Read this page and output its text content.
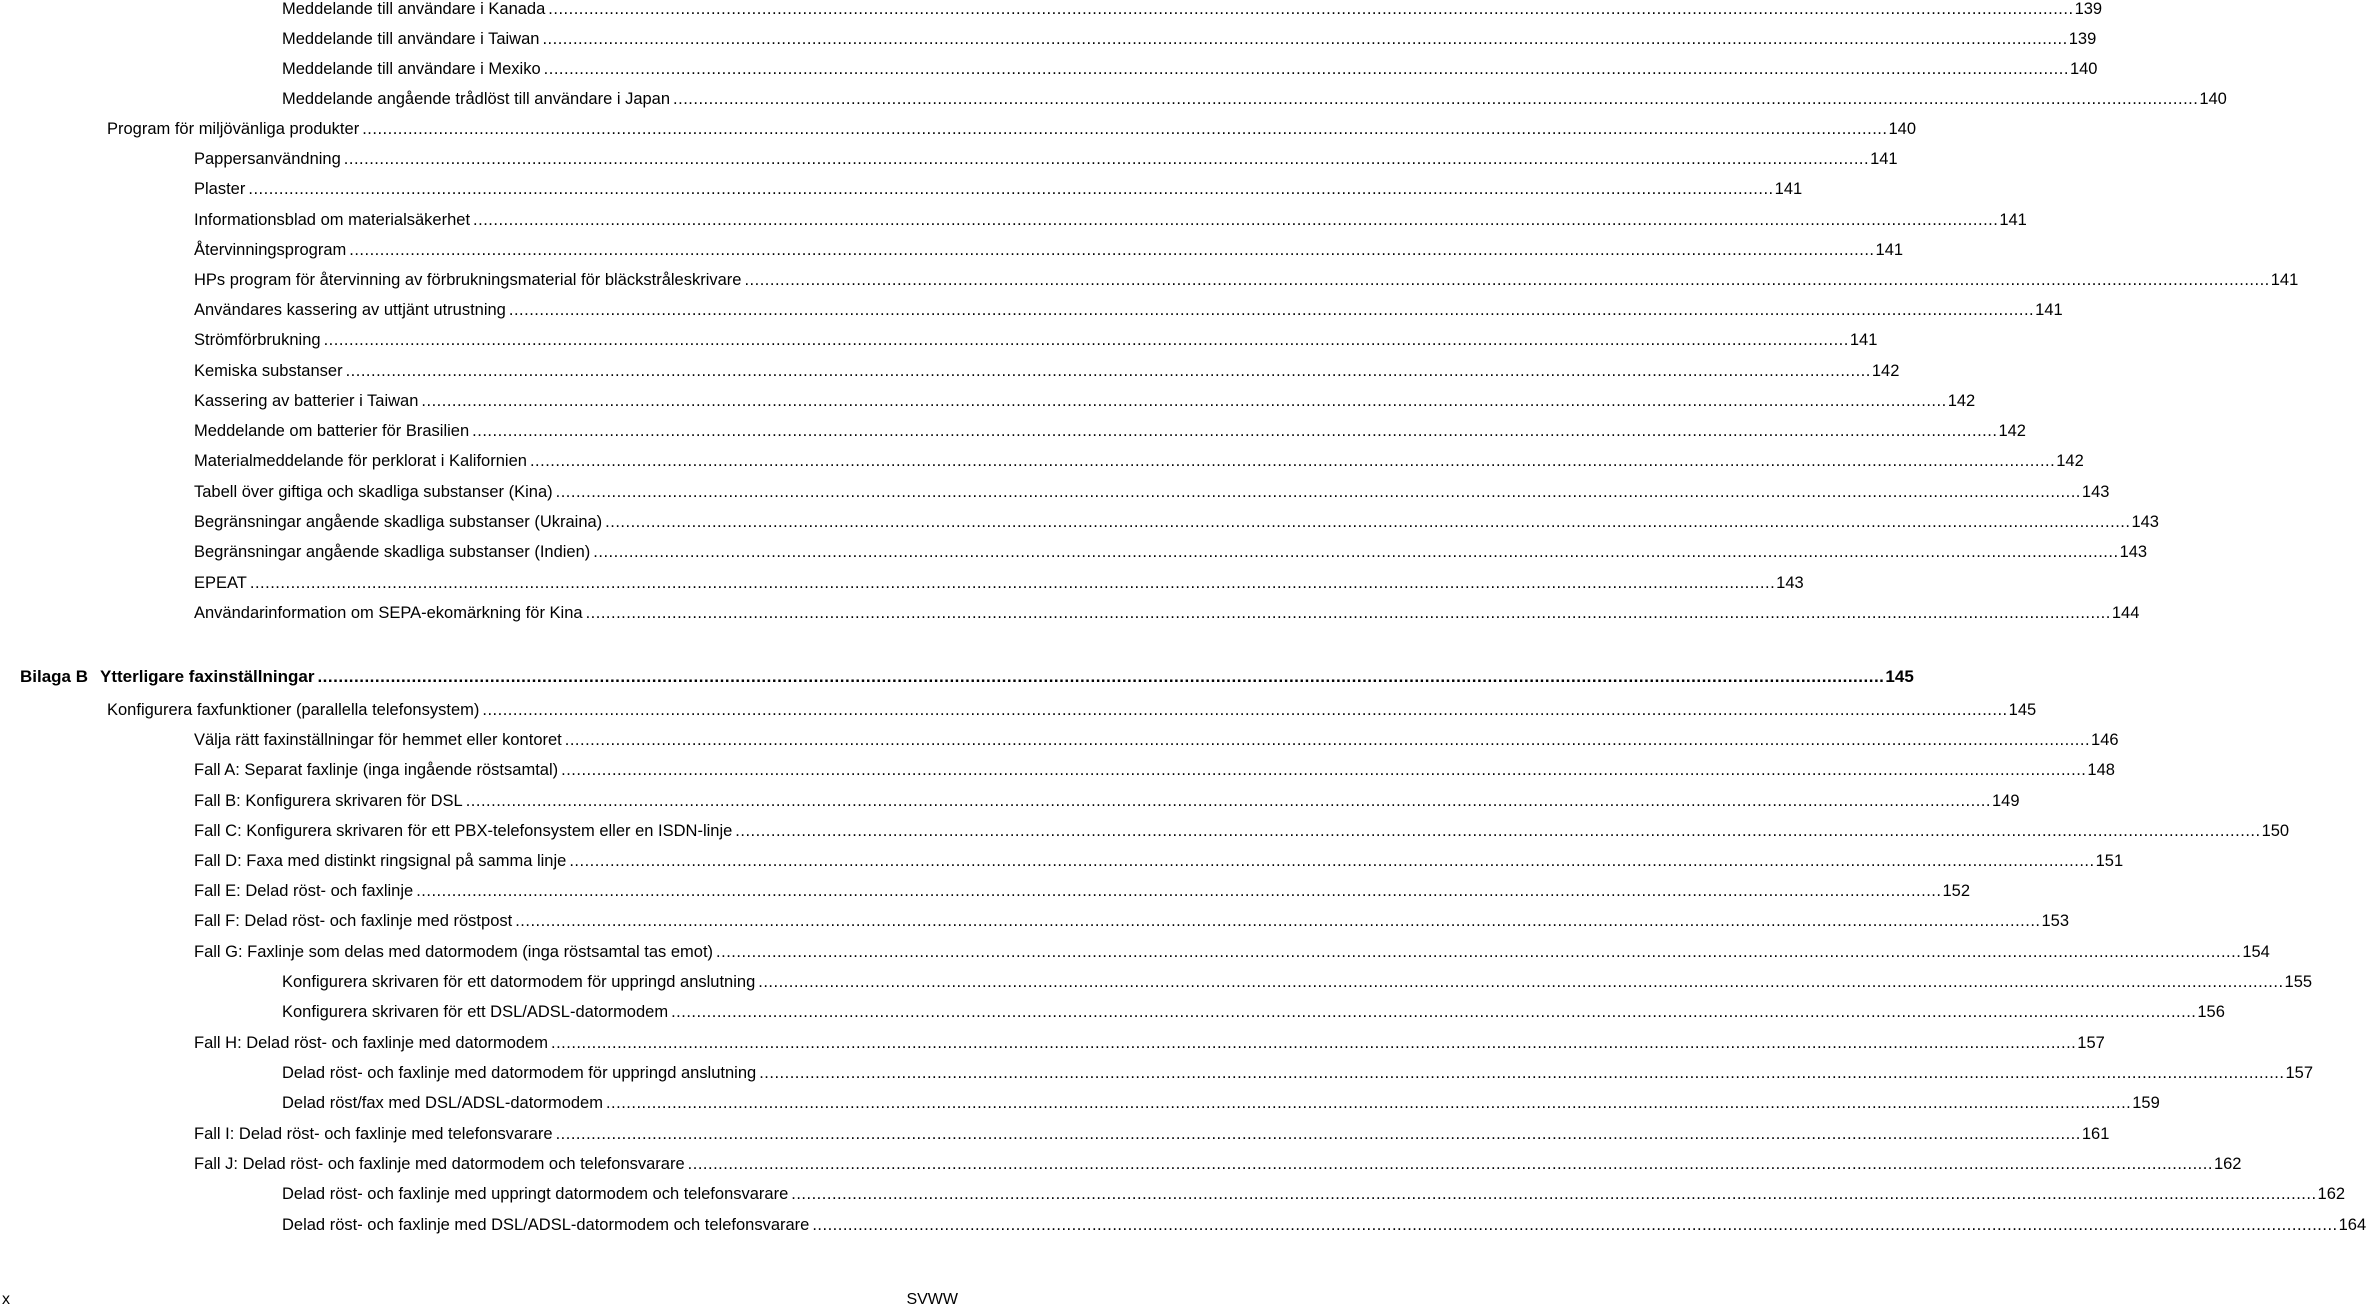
Meddelande till användare i Kanada ............................................................................................................................................................................................................................................................................................................ 139
Meddelande till användare i Taiwan ............................................................................................................................................................................................................................................................................................................ 139
Meddelande till användare i Mexiko ............................................................................................................................................................................................................................................................................................................ 140
Meddelande angående trådlöst till användare i Japan ............................................................................................................................................................................................................................................................................................................ 140
Program för miljövänliga produkter ............................................................................................................................................................................................................................................................................................................ 140
Pappersanvändning ............................................................................................................................................................................................................................................................................................................ 141
Plaster ............................................................................................................................................................................................................................................................................................................ 141
Informationsblad om materialsäkerhet ............................................................................................................................................................................................................................................................................................................ 141
Återvinningsprogram ............................................................................................................................................................................................................................................................................................................ 141
HPs program för återvinning av förbrukningsmaterial för bläckstråleskrivare ............................................................................................................................................................................................................................................................................................................ 141
Användares kassering av uttjänt utrustning ............................................................................................................................................................................................................................................................................................................ 141
Strömförbrukning ............................................................................................................................................................................................................................................................................................................ 141
Kemiska substanser ............................................................................................................................................................................................................................................................................................................ 142
Kassering av batterier i Taiwan ............................................................................................................................................................................................................................................................................................................ 142
Meddelande om batterier för Brasilien ............................................................................................................................................................................................................................................................................................................ 142
Materialmeddelande för perklorat i Kalifornien ............................................................................................................................................................................................................................................................................................................ 142
Tabell över giftiga och skadliga substanser (Kina) ............................................................................................................................................................................................................................................................................................................ 143
Begränsningar angående skadliga substanser (Ukraina) ............................................................................................................................................................................................................................................................................................................ 143
Begränsningar angående skadliga substanser (Indien) ............................................................................................................................................................................................................................................................................................................ 143
EPEAT ............................................................................................................................................................................................................................................................................................................ 143
Användarinformation om SEPA-ekomärkning för Kina ............................................................................................................................................................................................................................................................................................................ 144
Bilaga B Ytterligare faxinställningar ............................................................................................................................................................................................................................................................................................................ 145
Konfigurera faxfunktioner (parallella telefonsystem) ............................................................................................................................................................................................................................................................................................................ 145
Välja rätt faxinställningar för hemmet eller kontoret ............................................................................................................................................................................................................................................................................................................ 146
Fall A: Separat faxlinje (inga ingående röstsamtal) ............................................................................................................................................................................................................................................................................................................ 148
Fall B: Konfigurera skrivaren för DSL ............................................................................................................................................................................................................................................................................................................ 149
Fall C: Konfigurera skrivaren för ett PBX-telefonsystem eller en ISDN-linje ............................................................................................................................................................................................................................................................................................................ 150
Fall D: Faxa med distinkt ringsignal på samma linje ............................................................................................................................................................................................................................................................................................................ 151
Fall E: Delad röst- och faxlinje ............................................................................................................................................................................................................................................................................................................ 152
Fall F: Delad röst- och faxlinje med röstpost ............................................................................................................................................................................................................................................................................................................ 153
Fall G: Faxlinje som delas med datormodem (inga röstsamtal tas emot) ............................................................................................................................................................................................................................................................................................................ 154
Konfigurera skrivaren för ett datormodem för uppringd anslutning ............................................................................................................................................................................................................................................................................................................ 155
Konfigurera skrivaren för ett DSL/ADSL-datormodem ............................................................................................................................................................................................................................................................................................................ 156
Fall H: Delad röst- och faxlinje med datormodem ............................................................................................................................................................................................................................................................................................................ 157
Delad röst- och faxlinje med datormodem för uppringd anslutning ............................................................................................................................................................................................................................................................................................................ 157
Delad röst/fax med DSL/ADSL-datormodem ............................................................................................................................................................................................................................................................................................................ 159
Fall I: Delad röst- och faxlinje med telefonsvarare ............................................................................................................................................................................................................................................................................................................ 161
Fall J: Delad röst- och faxlinje med datormodem och telefonsvarare ............................................................................................................................................................................................................................................................................................................ 162
Delad röst- och faxlinje med uppringt datormodem och telefonsvarare ............................................................................................................................................................................................................................................................................................................ 162
Delad röst- och faxlinje med DSL/ADSL-datormodem och telefonsvarare ............................................................................................................................................................................................................................................................................................................ 164
x	SVWW
